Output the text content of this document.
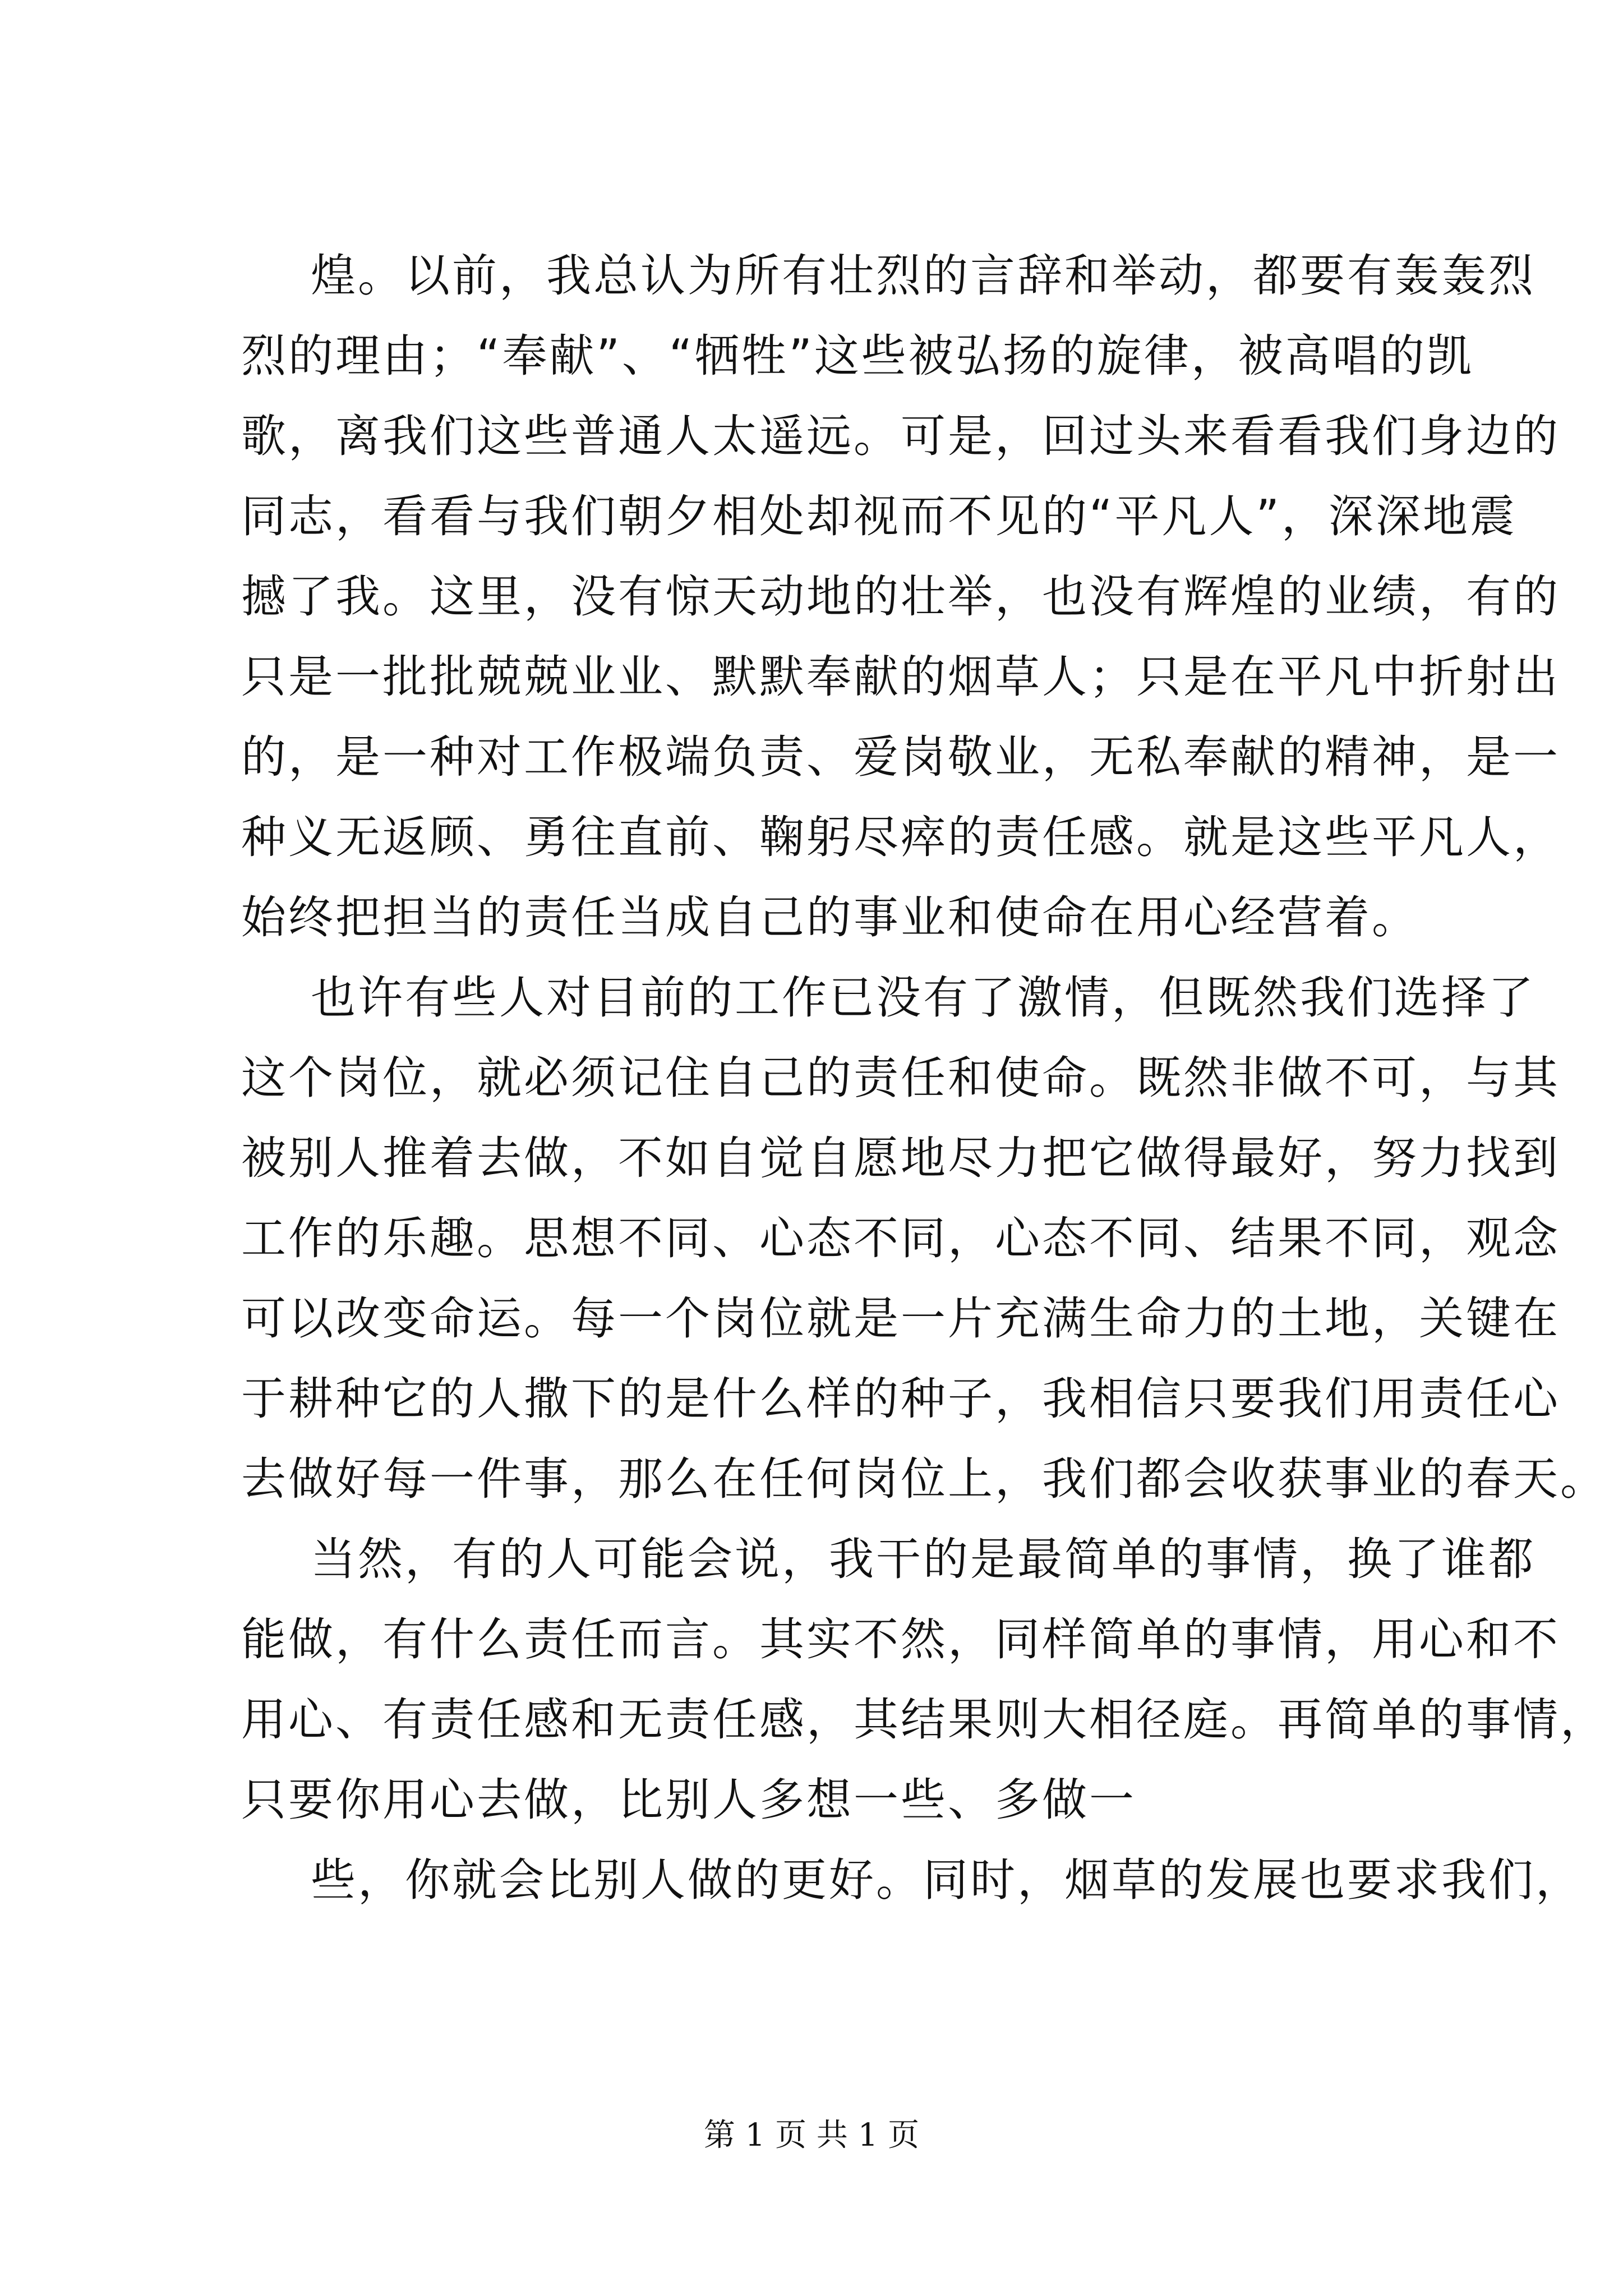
煌。以前，我总认为所有壮烈的言辞和举动，都要有轰轰烈
烈的理由；“奉献”、“牺牲”这些被弘扬的旋律，被高唱的凯
歌，离我们这些普通人太遥远。可是，回过头来看看我们身边的
同志，看看与我们朝夕相处却视而不见的“平凡人”，深深地震
撼了我。这里，没有惊天动地的壮举，也没有辉煌的业绩，有的
只是一批批兢兢业业、默默奉献的烟草人；只是在平凡中折射出
的，是一种对工作极端负责、爱岗敬业，无私奉献的精神，是一
种义无返顾、勇往直前、鞠躬尽瘁的责任感。就是这些平凡人，
始终把担当的责任当成自己的事业和使命在用心经营着。
也许有些人对目前的工作已没有了激情，但既然我们选择了
这个岗位，就必须记住自己的责任和使命。既然非做不可，与其
被别人推着去做，不如自觉自愿地尽力把它做得最好，努力找到
工作的乐趣。思想不同、心态不同，心态不同、结果不同，观念
可以改变命运。每一个岗位就是一片充满生命力的土地，关键在
于耕种它的人撒下的是什么样的种子，我相信只要我们用责任心
去做好每一件事，那么在任何岗位上，我们都会收获事业的春天。
当然，有的人可能会说，我干的是最简单的事情，换了谁都
能做，有什么责任而言。其实不然，同样简单的事情，用心和不
用心、有责任感和无责任感，其结果则大相径庭。再简单的事情，
只要你用心去做，比别人多想一些、多做一
些，你就会比别人做的更好。同时，烟草的发展也要求我们，
第 1 页 共 1 页
